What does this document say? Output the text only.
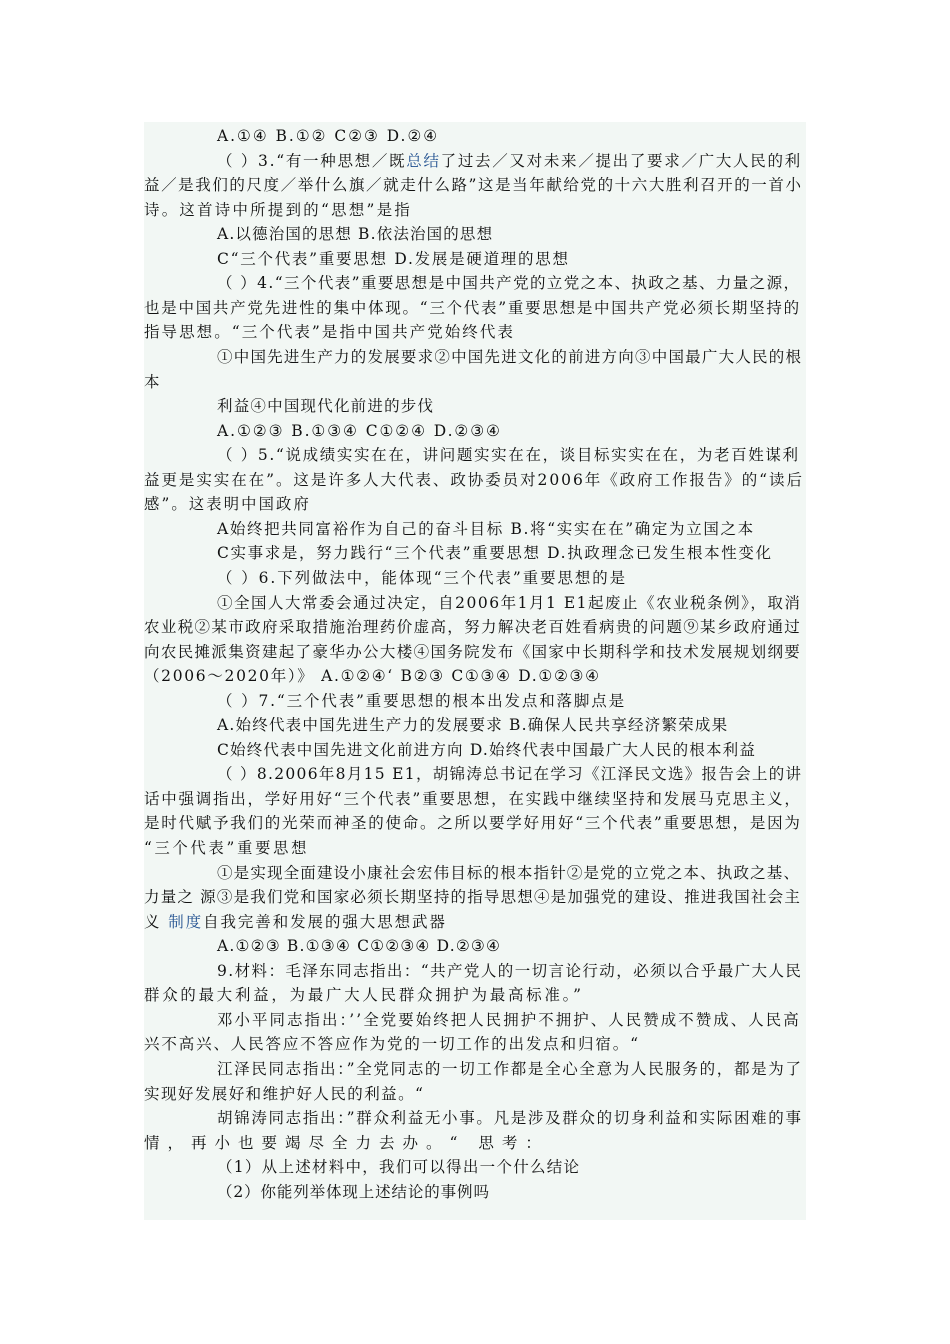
A.①④ B.①② C②③ D.②④
（ ）3.“有一种思想／既总结了过去／又对未来／提出了要求／广大人民的利
益／是我们的尺度／举什么旗／就走什么路”这是当年献给党的十六大胜利召开的一首小
诗。这首诗中所提到的“思想”是指
A.以德治国的思想 B.依法治国的思想
C“三个代表”重要思想 D.发展是硬道理的思想
（ ）4.“三个代表”重要思想是中国共产党的立党之本、执政之基、力量之源，
也是中国共产党先进性的集中体现。“三个代表”重要思想是中国共产党必须长期坚持的
指导思想。“三个代表”是指中国共产党始终代表
①中国先进生产力的发展要求②中国先进文化的前进方向③中国最广大人民的根
本
利益④中国现代化前进的步伐
A.①②③ B.①③④ C①②④ D.②③④
（ ）5.“说成绩实实在在，讲问题实实在在，谈目标实实在在，为老百姓谋利
益更是实实在在”。这是许多人大代表、政协委员对2006年《政府工作报告》的“读后
感”。这表明中国政府
A始终把共同富裕作为自己的奋斗目标 B.将“实实在在”确定为立国之本
C实事求是，努力践行“三个代表”重要思想 D.执政理念已发生根本性变化
（ ）6.下列做法中，能体现“三个代表”重要思想的是
①全国人大常委会通过决定，自2006年1月1 E1起废止《农业税条例》，取消
农业税②某市政府采取措施治理药价虚高，努力解决老百姓看病贵的问题⑨某乡政府通过
向农民摊派集资建起了豪华办公大楼④国务院发布《国家中长期科学和技术发展规划纲要
（2006～2020年）》 A.①②④‘ B②③ C①③④ D.①②③④
（ ）7.“三个代表”重要思想的根本出发点和落脚点是
A.始终代表中国先进生产力的发展要求 B.确保人民共享经济繁荣成果
C始终代表中国先进文化前进方向 D.始终代表中国最广大人民的根本利益
（ ）8.2006年8月15 E1，胡锦涛总书记在学习《江泽民文选》报告会上的讲
话中强调指出，学好用好“三个代表”重要思想，在实践中继续坚持和发展马克思主义，
是时代赋予我们的光荣而神圣的使命。之所以要学好用好“三个代表”重要思想，是因为
“三个代表”重要思想
①是实现全面建设小康社会宏伟目标的根本指针②是党的立党之本、执政之基、
力量之 源③是我们党和国家必须长期坚持的指导思想④是加强党的建设、推进我国社会主
义 制度自我完善和发展的强大思想武器
A.①②③ B.①③④ C①②③④ D.②③④
9.材料：毛泽东同志指出：“共产党人的一切言论行动，必须以合乎最广大人民
群众的最大利益，为最广大人民群众拥护为最高标准。”
邓小平同志指出：’’全党要始终把人民拥护不拥护、人民赞成不赞成、人民高
兴不高兴、人民答应不答应作为党的一切工作的出发点和归宿。“
江泽民同志指出：”全党同志的一切工作都是全心全意为人民服务的，都是为了
实现好发展好和维护好人民的利益。“
胡锦涛同志指出：”群众利益无小事。凡是涉及群众的切身利益和实际困难的事
情，再小也要竭尽全力去办。“ 思考：
（1）从上述材料中，我们可以得出一个什么结论
（2）你能列举体现上述结论的事例吗
